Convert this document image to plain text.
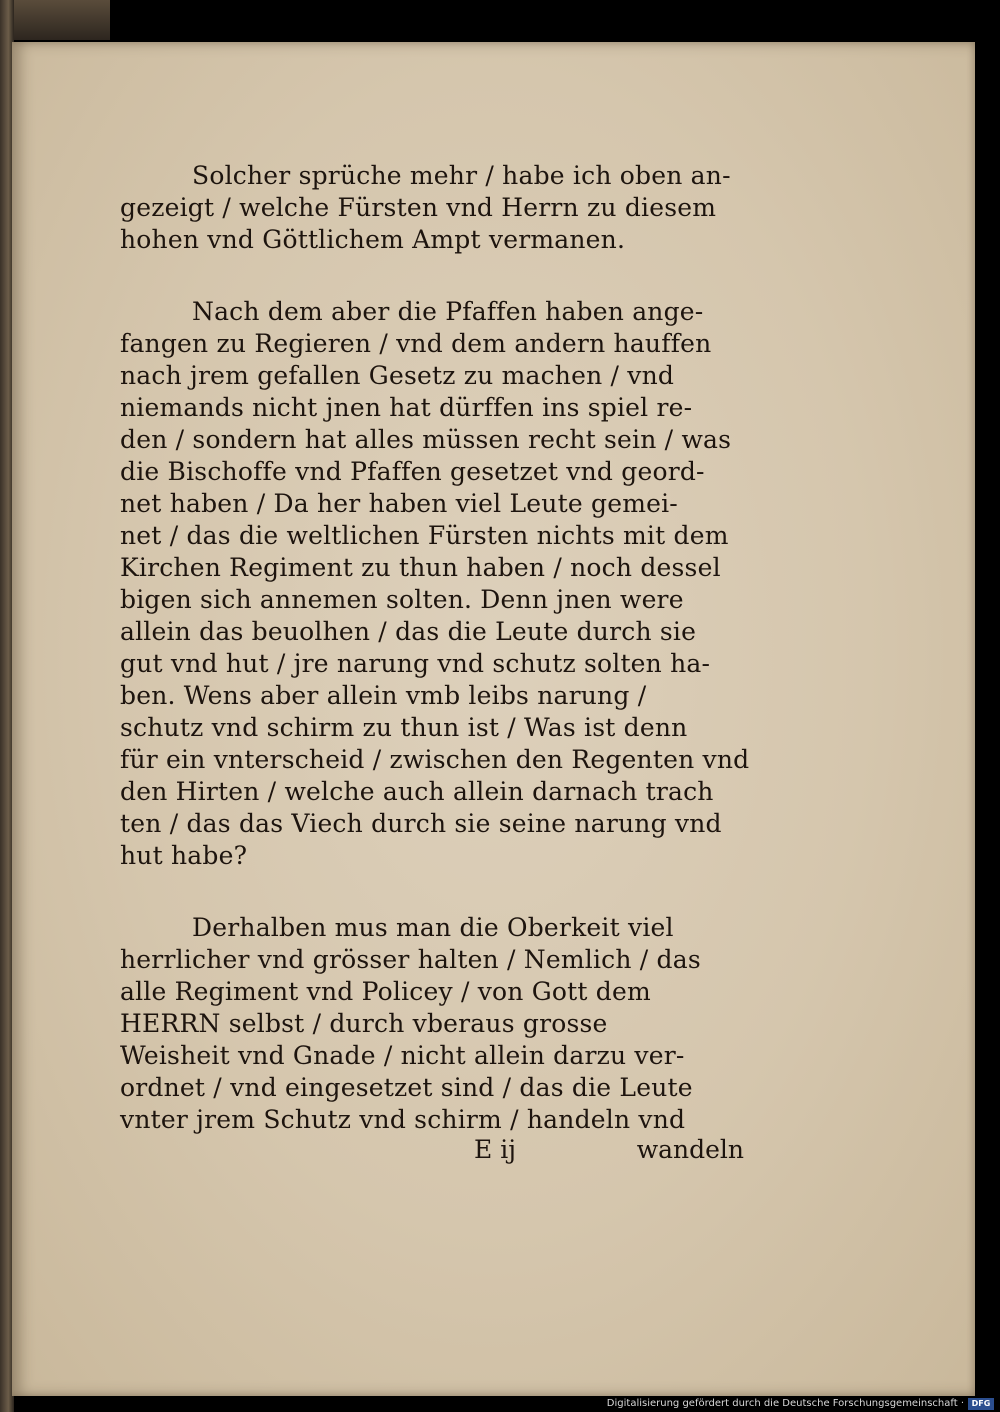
Solcher sprüche mehr / habe ich oben an-
gezeigt / welche Fürsten vnd Herrn zu diesem
hohen vnd Göttlichem Ampt vermanen.
Nach dem aber die Pfaffen haben ange-
fangen zu Regieren / vnd dem andern hauffen
nach jrem gefallen Gesetz zu machen / vnd
niemands nicht jnen hat dürffen ins spiel re-
den / sondern hat alles müssen recht sein / was
die Bischoffe vnd Pfaffen gesetzet vnd geord-
net haben / Da her haben viel Leute gemei-
net / das die weltlichen Fürsten nichts mit dem
Kirchen Regiment zu thun haben / noch dessel
bigen sich annemen solten. Denn jnen were
allein das beuolhen / das die Leute durch sie
gut vnd hut / jre narung vnd schutz solten ha-
ben. Wens aber allein vmb leibs narung /
schutz vnd schirm zu thun ist / Was ist denn
für ein vnterscheid / zwischen den Regenten vnd
den Hirten / welche auch allein darnach trach
ten / das das Viech durch sie seine narung vnd
hut habe?
Derhalben mus man die Oberkeit viel
herrlicher vnd grösser halten / Nemlich / das
alle Regiment vnd Policey / von Gott dem
HERRN selbst / durch vberaus grosse
Weisheit vnd Gnade / nicht allein darzu ver-
ordnet / vnd eingesetzet sind / das die Leute
vnter jrem Schutz vnd schirm / handeln vnd
E ij	wandeln
Digitalisierung gefördert durch die Deutsche Forschungsgemeinschaft · DFG
